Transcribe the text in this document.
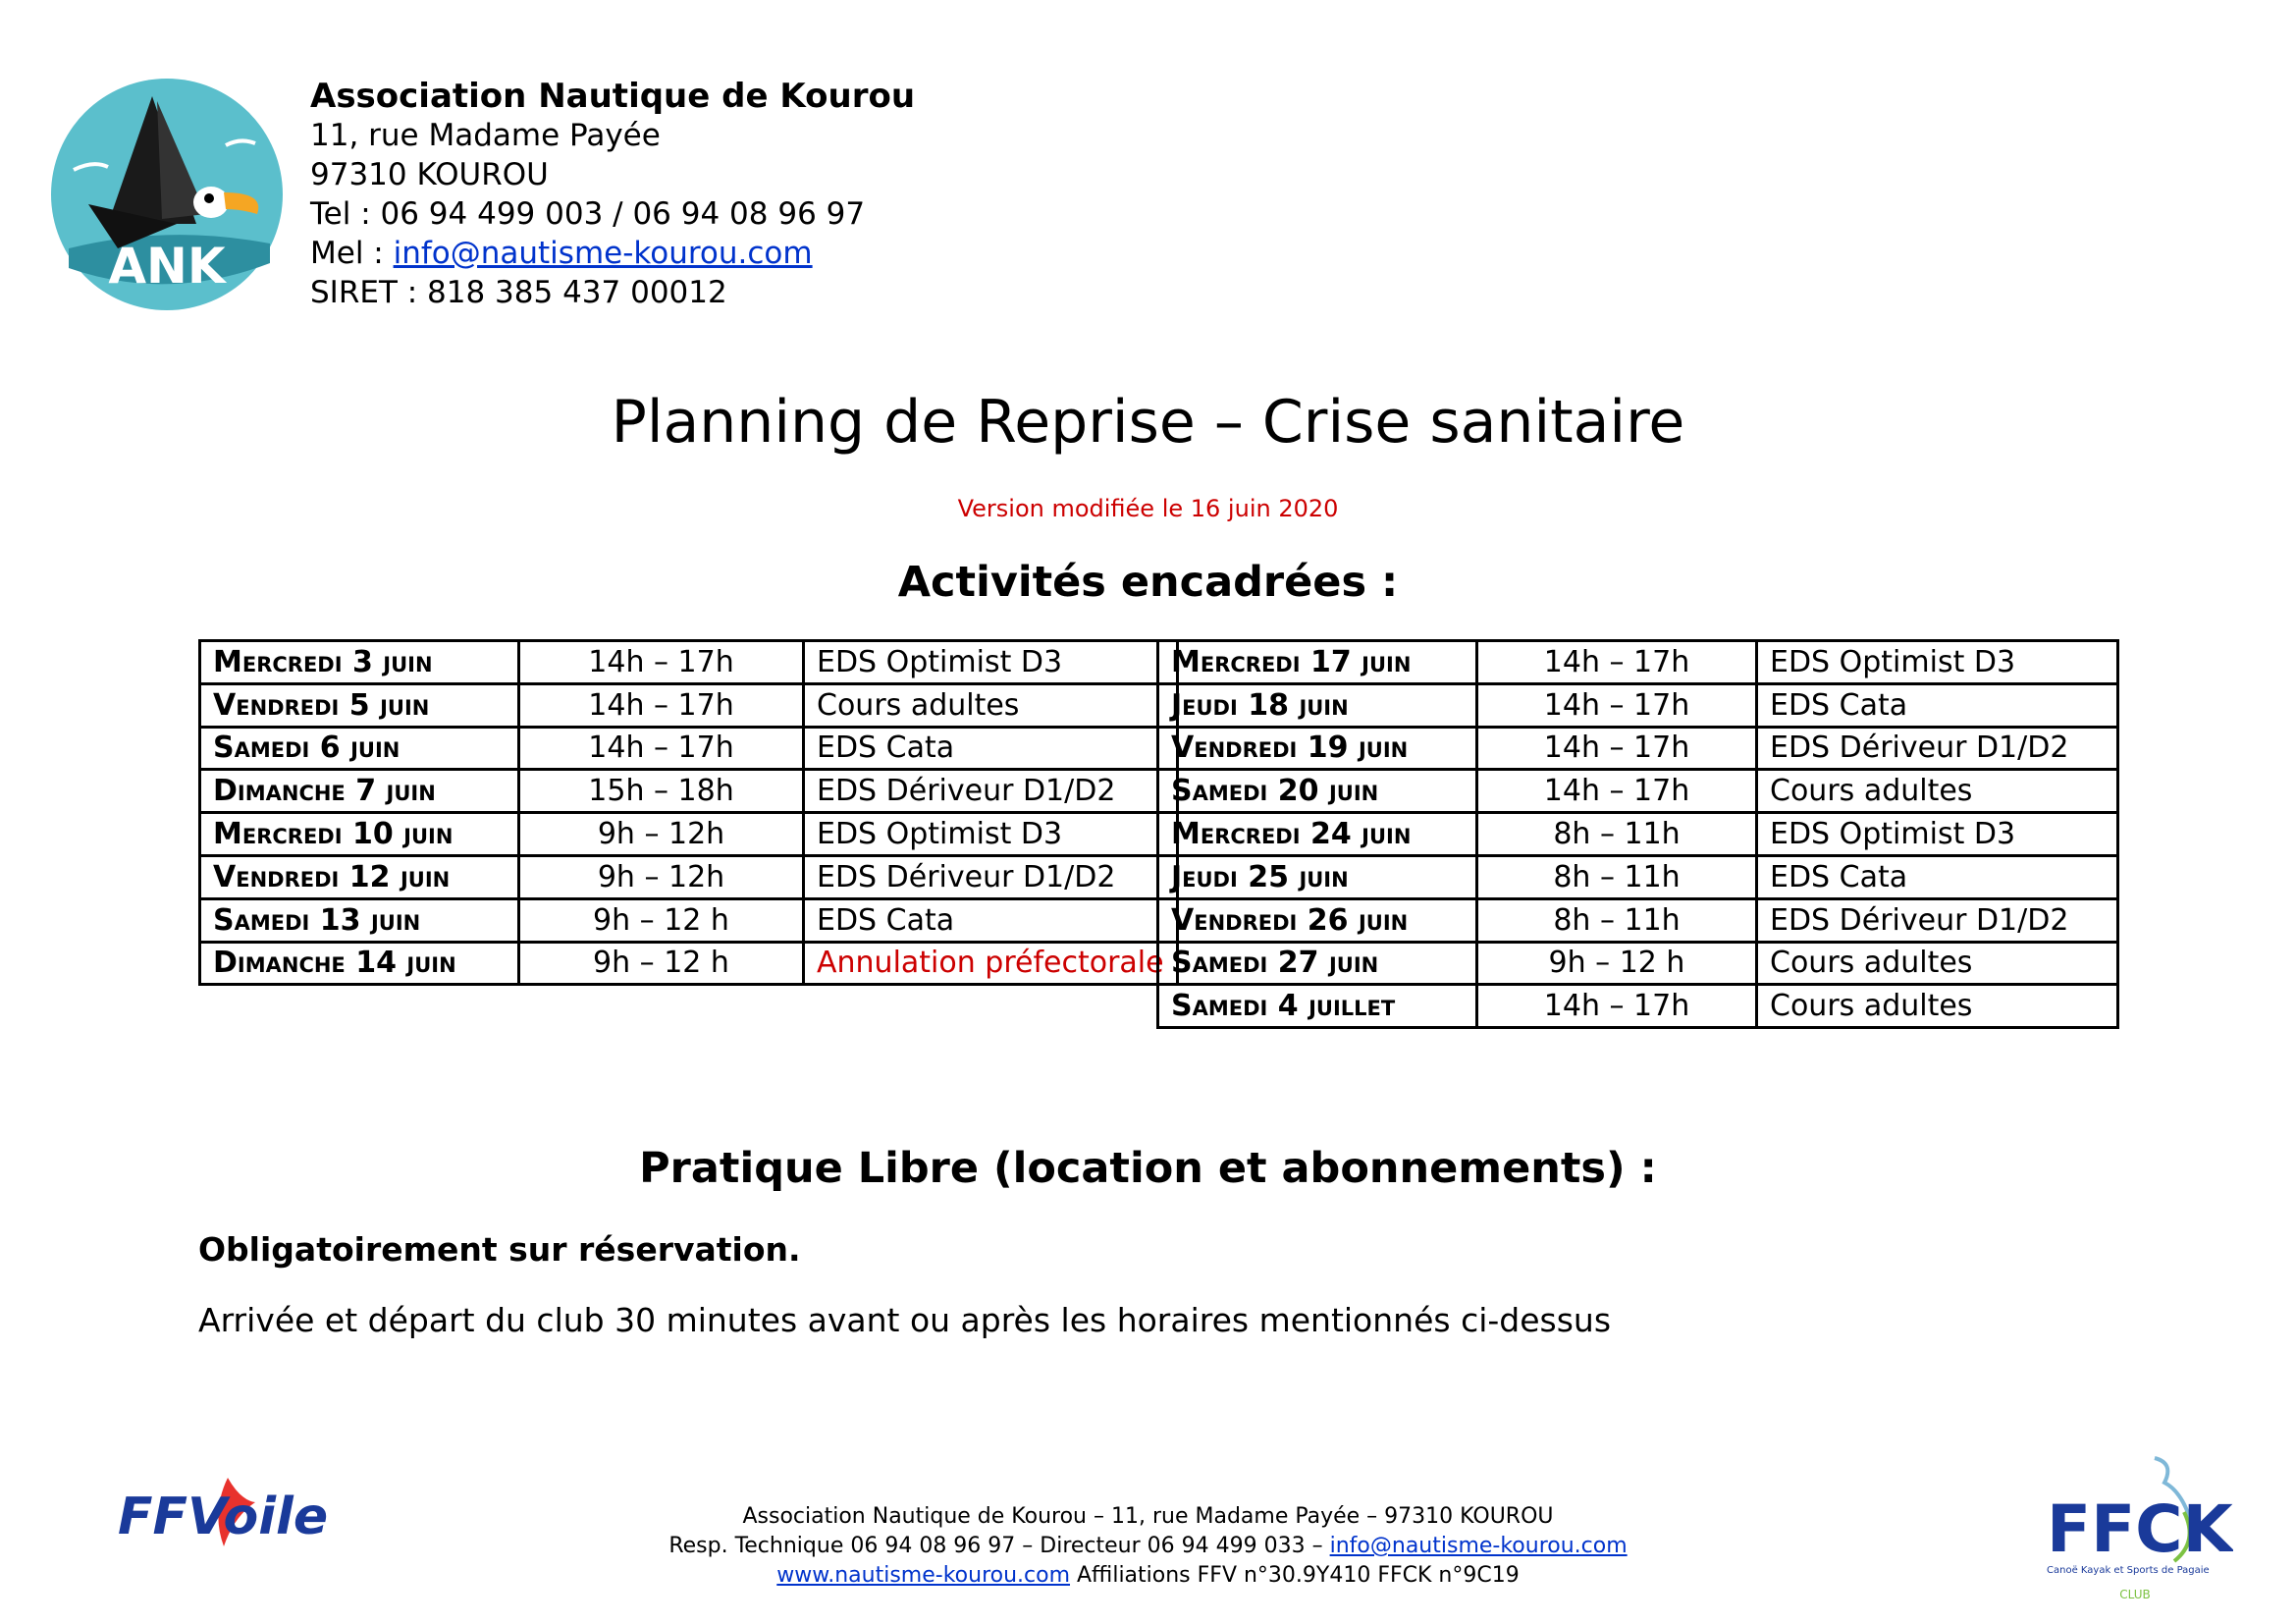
ANK
Association Nautique de Kourou
11, rue Madame Payée
97310 KOUROU
Tel : 06 94 499 003 / 06 94 08 96 97
Mel : info@nautisme-kourou.com
SIRET : 818 385 437 00012
Planning de Reprise – Crise sanitaire
Version modifiée le 16 juin 2020
Activités encadrées :
Mercredi 3 juin	14h – 17h	EDS Optimist D3
Vendredi 5 juin	14h – 17h	Cours adultes
Samedi 6 juin	14h – 17h	EDS Cata
Dimanche 7 juin	15h – 18h	EDS Dériveur D1/D2
Mercredi 10 juin	9h – 12h	EDS Optimist D3
Vendredi 12 juin	9h – 12h	EDS Dériveur D1/D2
Samedi 13 juin	9h – 12 h	EDS Cata
Dimanche 14 juin	9h – 12 h	Annulation préfectorale
Mercredi 17 juin	14h – 17h	EDS Optimist D3
Jeudi 18 juin	14h – 17h	EDS Cata
Vendredi 19 juin	14h – 17h	EDS Dériveur D1/D2
Samedi 20 juin	14h – 17h	Cours adultes
Mercredi 24 juin	8h – 11h	EDS Optimist D3
Jeudi 25 juin	8h – 11h	EDS Cata
Vendredi 26 juin	8h – 11h	EDS Dériveur D1/D2
Samedi 27 juin	9h – 12 h	Cours adultes
Samedi 4 juillet	14h – 17h	Cours adultes
Pratique Libre (location et abonnements) :
Obligatoirement sur réservation.
Arrivée et départ du club 30 minutes avant ou après les horaires mentionnés ci-dessus
FFVoile	FFCK
Canoë Kayak et Sports de Pagaie
CLUB
Association Nautique de Kourou – 11, rue Madame Payée – 97310 KOUROU
Resp. Technique 06 94 08 96 97 – Directeur 06 94 499 033 – info@nautisme-kourou.com
www.nautisme-kourou.com Affiliations FFV n°30.9Y410 FFCK n°9C19
